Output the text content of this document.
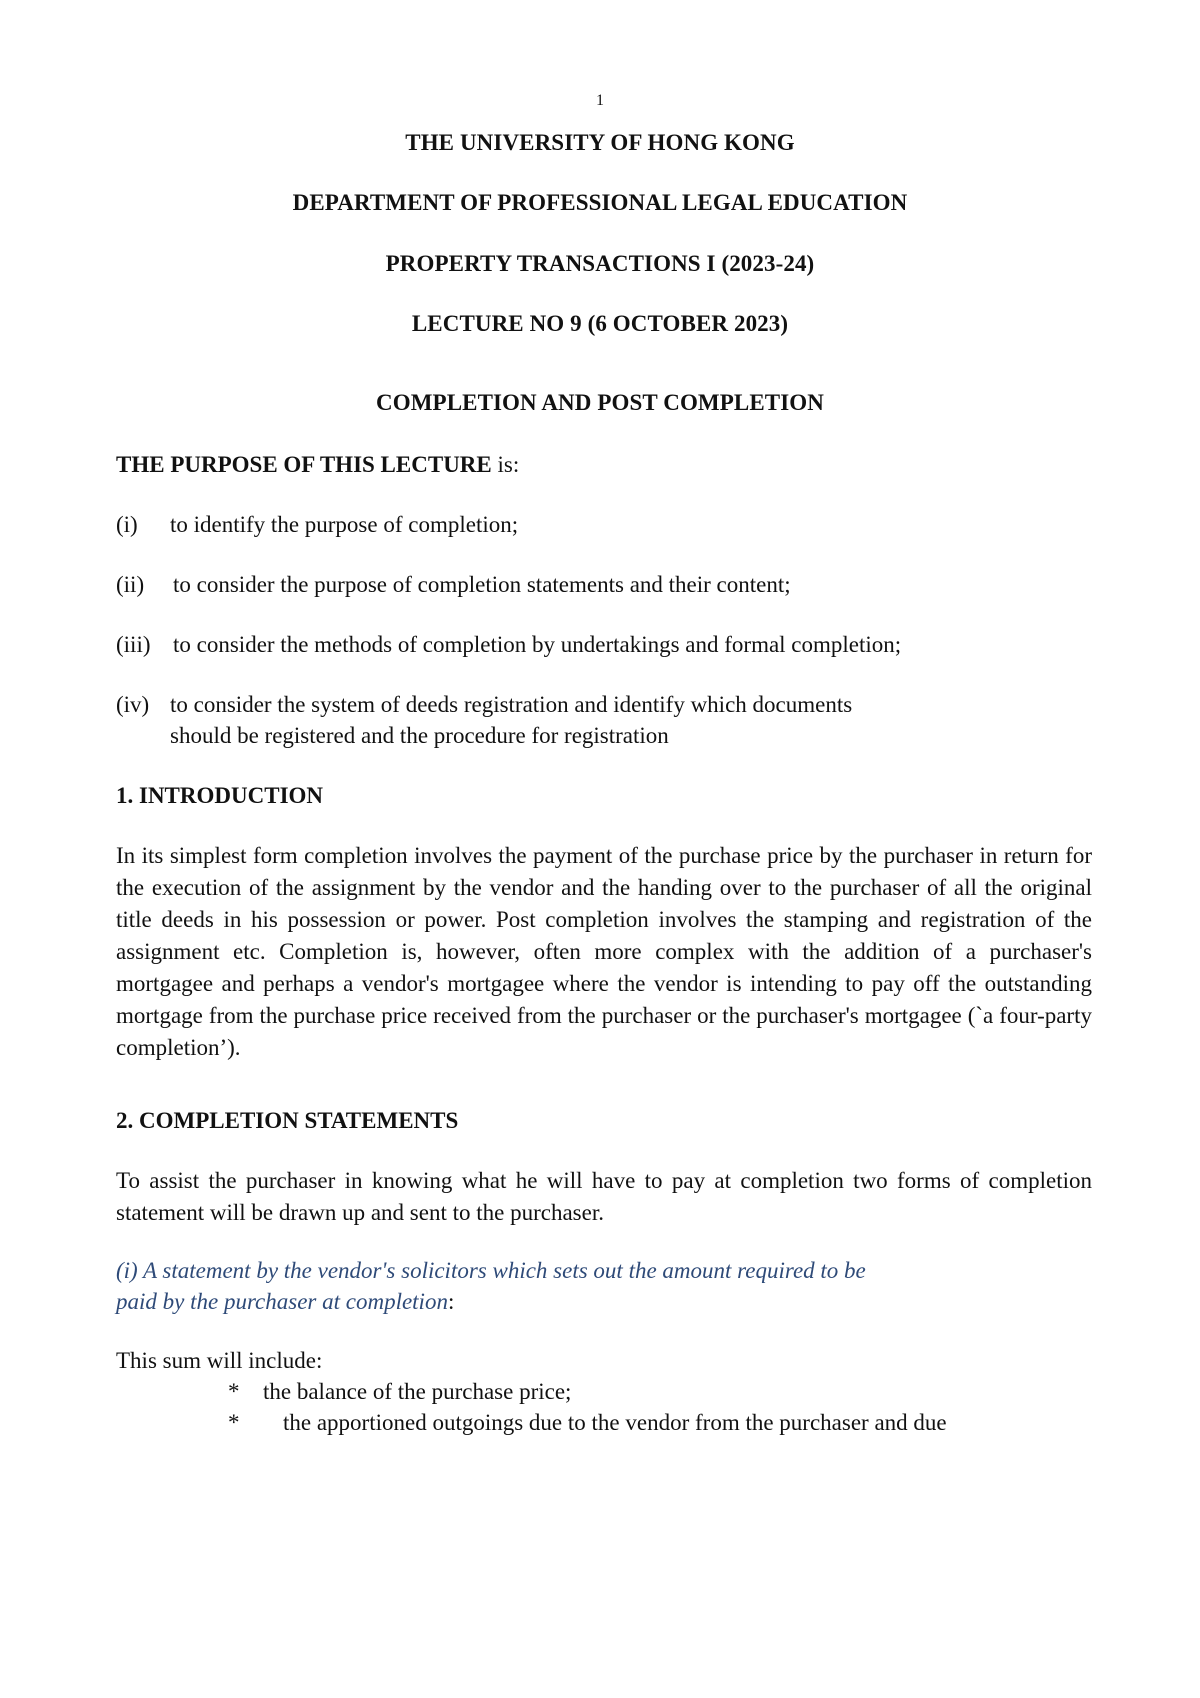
1
THE UNIVERSITY OF HONG KONG
DEPARTMENT OF PROFESSIONAL LEGAL EDUCATION
PROPERTY TRANSACTIONS I (2023-24)
LECTURE NO 9 (6 OCTOBER 2023)
COMPLETION AND POST COMPLETION
THE PURPOSE OF THIS LECTURE is:
(i) to identify the purpose of completion;
(ii) to consider the purpose of completion statements and their content;
(iii) to consider the methods of completion by undertakings and formal completion;
(iv) to consider the system of deeds registration and identify which documents
should be registered and the procedure for registration
1. INTRODUCTION
In its simplest form completion involves the payment of the purchase price by the purchaser in return for the execution of the assignment by the vendor and the handing over to the purchaser of all the original title deeds in his possession or power. Post completion involves the stamping and registration of the assignment etc. Completion is, however, often more complex with the addition of a purchaser's mortgagee and perhaps a vendor's mortgagee where the vendor is intending to pay off the outstanding mortgage from the purchase price received from the purchaser or the purchaser's mortgagee (`a four-party completion’).
2. COMPLETION STATEMENTS
To assist the purchaser in knowing what he will have to pay at completion two forms of completion statement will be drawn up and sent to the purchaser.
(i) A statement by the vendor's solicitors which sets out the amount required to be
paid by the purchaser at completion:
This sum will include:
* the balance of the purchase price;
* the apportioned outgoings due to the vendor from the purchaser and due
